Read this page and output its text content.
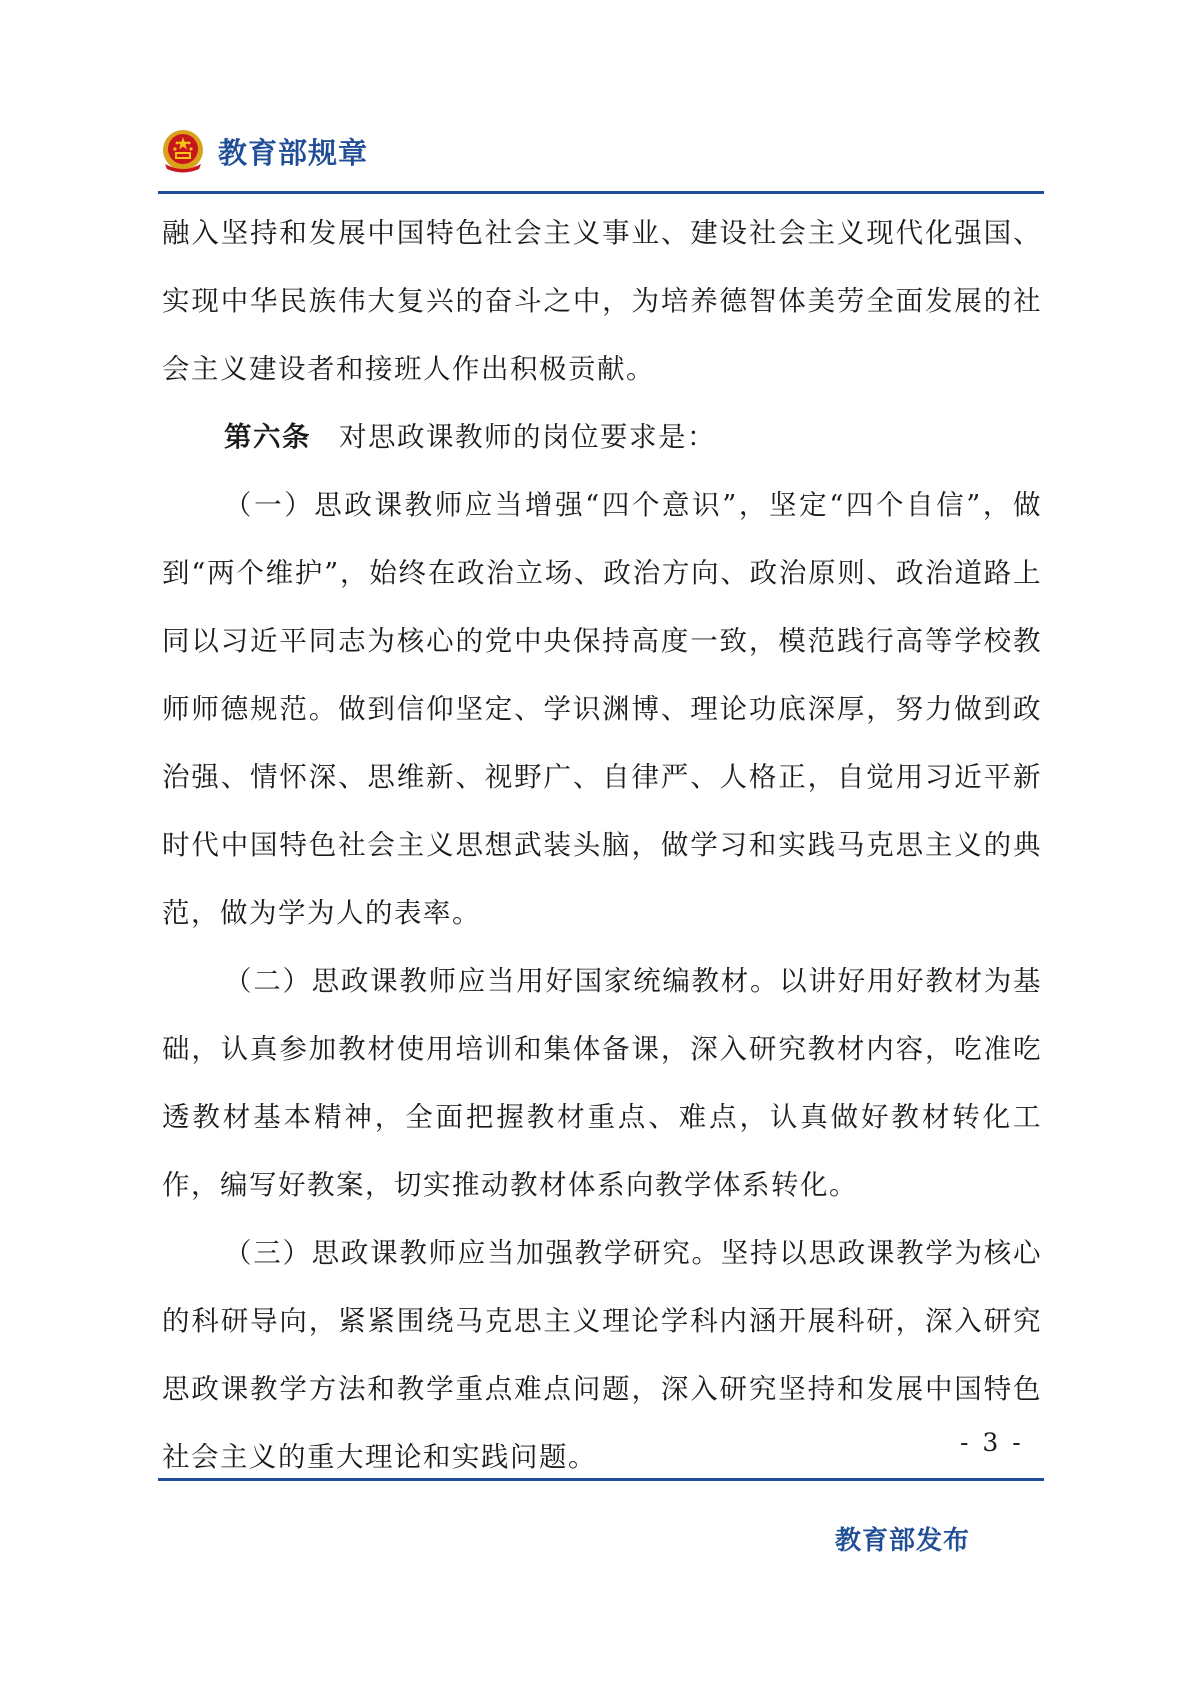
教育部规章

融入坚持和发展中国特色社会主义事业、建设社会主义现代化强国、实现中华民族伟大复兴的奋斗之中，为培养德智体美劳全面发展的社会主义建设者和接班人作出积极贡献。

第六条 对思政课教师的岗位要求是：

（一）思政课教师应当增强“四个意识”，坚定“四个自信”，做到“两个维护”，始终在政治立场、政治方向、政治原则、政治道路上同以习近平同志为核心的党中央保持高度一致，模范践行高等学校教师师德规范。做到信仰坚定、学识渊博、理论功底深厚，努力做到政治强、情怀深、思维新、视野广、自律严、人格正，自觉用习近平新时代中国特色社会主义思想武装头脑，做学习和实践马克思主义的典范，做为学为人的表率。

（二）思政课教师应当用好国家统编教材。以讲好用好教材为基础，认真参加教材使用培训和集体备课，深入研究教材内容，吃准吃透教材基本精神，全面把握教材重点、难点，认真做好教材转化工作，编写好教案，切实推动教材体系向教学体系转化。

（三）思政课教师应当加强教学研究。坚持以思政课教学为核心的科研导向，紧紧围绕马克思主义理论学科内涵开展科研，深入研究思政课教学方法和教学重点难点问题，深入研究坚持和发展中国特色社会主义的重大理论和实践问题。	- 3 -
教育部发布
